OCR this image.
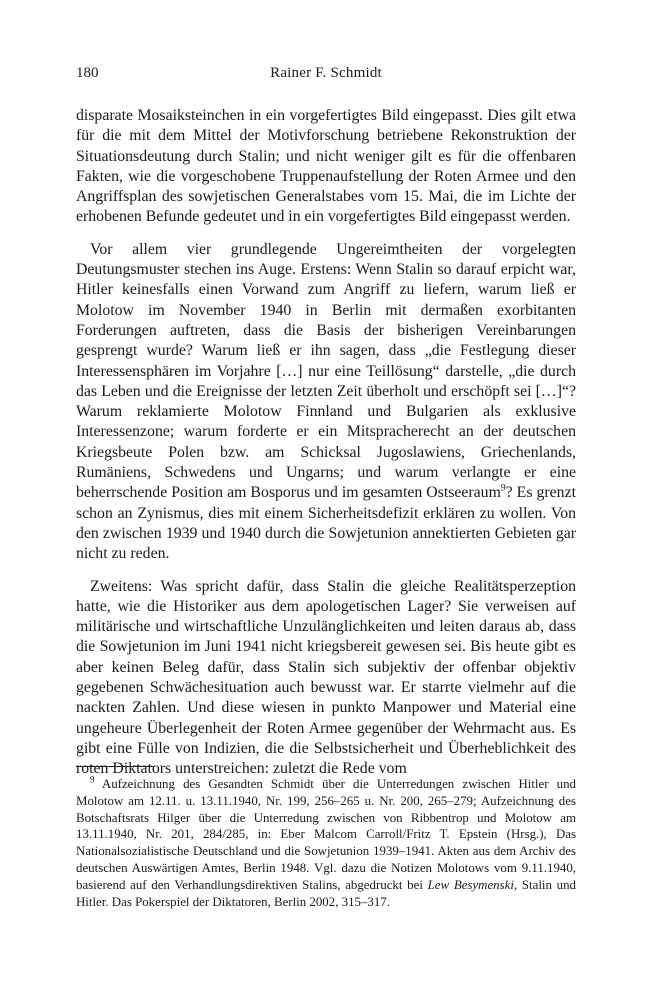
180	Rainer F. Schmidt

disparate Mosaiksteinchen in ein vorgefertigtes Bild eingepasst. Dies gilt etwa für die mit dem Mittel der Motivforschung betriebene Rekonstruktion der Situationsdeutung durch Stalin; und nicht weniger gilt es für die offenbaren Fakten, wie die vorgeschobene Truppenaufstellung der Roten Armee und den Angriffsplan des sowjetischen Generalstabes vom 15. Mai, die im Lichte der erhobenen Befunde gedeutet und in ein vorgefertigtes Bild eingepasst werden.

Vor allem vier grundlegende Ungereimtheiten der vorgelegten Deutungsmuster stechen ins Auge. Erstens: Wenn Stalin so darauf erpicht war, Hitler keinesfalls einen Vorwand zum Angriff zu liefern, warum ließ er Molotow im November 1940 in Berlin mit dermaßen exorbitanten Forderungen auftreten, dass die Basis der bisherigen Vereinbarungen gesprengt wurde? Warum ließ er ihn sagen, dass „die Festlegung dieser Interessensphären im Vorjahre […] nur eine Teillösung“ darstelle, „die durch das Leben und die Ereignisse der letzten Zeit überholt und erschöpft sei […]“? Warum reklamierte Molotow Finnland und Bulgarien als exklusive Interessenzone; warum forderte er ein Mitspracherecht an der deutschen Kriegsbeute Polen bzw. am Schicksal Jugoslawiens, Griechenlands, Rumäniens, Schwedens und Ungarns; und warum verlangte er eine beherrschende Position am Bosporus und im gesamten Ostseeraum$^9$? Es grenzt schon an Zynismus, dies mit einem Sicherheitsdefizit erklären zu wollen. Von den zwischen 1939 und 1940 durch die Sowjetunion annektierten Gebieten gar nicht zu reden.

Zweitens: Was spricht dafür, dass Stalin die gleiche Realitätsperzeption hatte, wie die Historiker aus dem apologetischen Lager? Sie verweisen auf militärische und wirtschaftliche Unzulänglichkeiten und leiten daraus ab, dass die Sowjetunion im Juni 1941 nicht kriegsbereit gewesen sei. Bis heute gibt es aber keinen Beleg dafür, dass Stalin sich subjektiv der offenbar objektiv gegebenen Schwächesituation auch bewusst war. Er starrte vielmehr auf die nackten Zahlen. Und diese wiesen in punkto Manpower und Material eine ungeheure Überlegenheit der Roten Armee gegenüber der Wehrmacht aus. Es gibt eine Fülle von Indizien, die die Selbstsicherheit und Überheblichkeit des roten Diktators unterstreichen: zuletzt die Rede vom

$^9$ Aufzeichnung des Gesandten Schmidt über die Unterredungen zwischen Hitler und Molotow am 12.11. u. 13.11.1940, Nr. 199, 256–265 u. Nr. 200, 265–279; Aufzeichnung des Botschaftsrats Hilger über die Unterredung zwischen von Ribbentrop und Molotow am 13.11.1940, Nr. 201, 284/285, in: Eber Malcom Carroll/Fritz T. Epstein (Hrsg.), Das Nationalsozialistische Deutschland und die Sowjetunion 1939–1941. Akten aus dem Archiv des deutschen Auswärtigen Amtes, Berlin 1948. Vgl. dazu die Notizen Molotows vom 9.11.1940, basierend auf den Verhandlungsdirektiven Stalins, abgedruckt bei Lew Besymenski, Stalin und Hitler. Das Pokerspiel der Diktatoren, Berlin 2002, 315–317.
